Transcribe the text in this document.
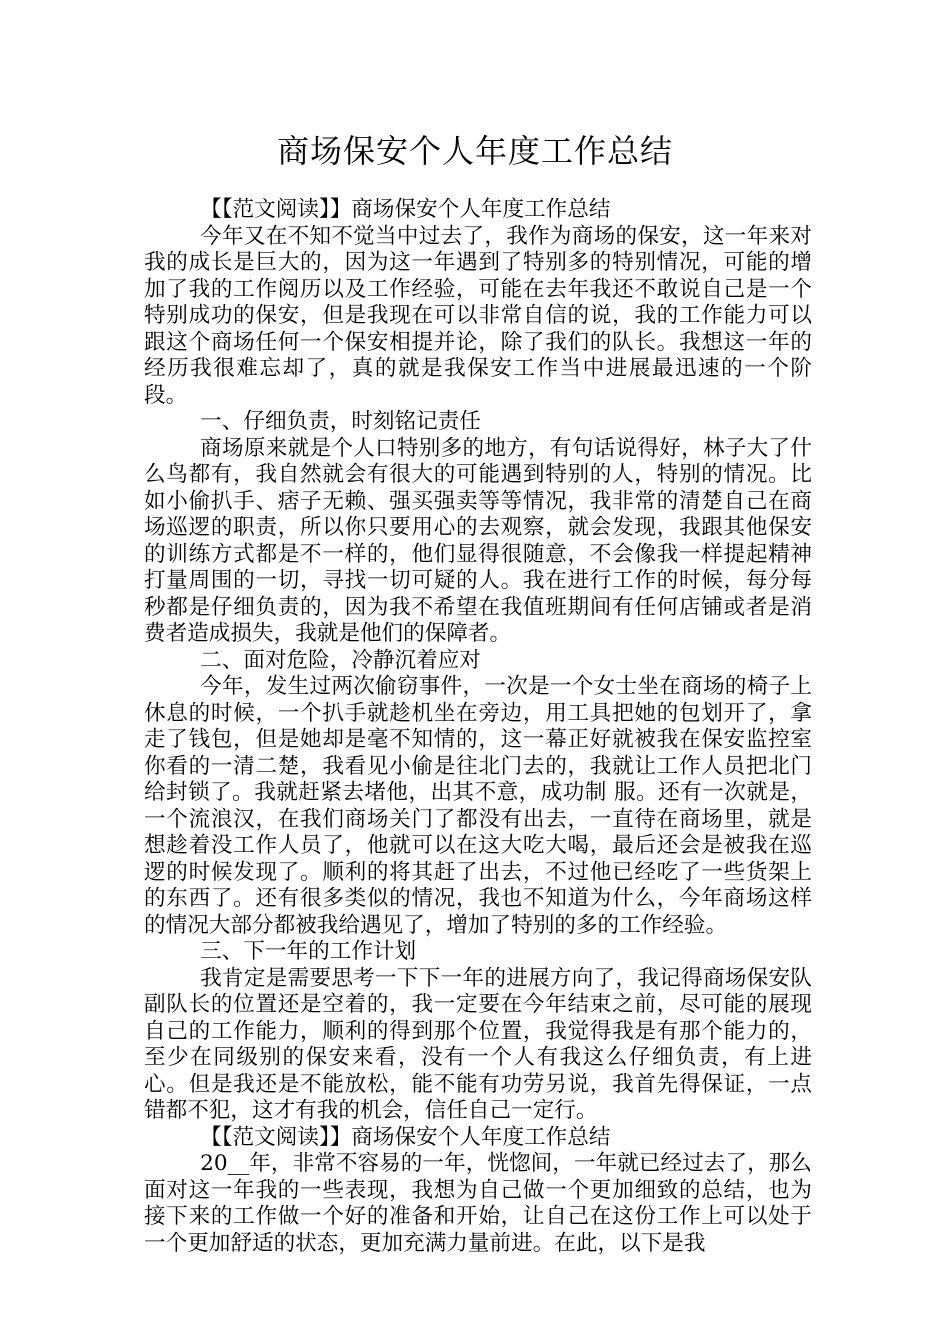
商场保安个人年度工作总结

【【范文阅读】】商场保安个人年度工作总结

今年又在不知不觉当中过去了，我作为商场的保安，这一年来对我的成长是巨大的，因为这一年遇到了特别多的特别情况，可能的增加了我的工作阅历以及工作经验，可能在去年我还不敢说自己是一个特别成功的保安，但是我现在可以非常自信的说，我的工作能力可以跟这个商场任何一个保安相提并论，除了我们的队长。我想这一年的经历我很难忘却了，真的就是我保安工作当中进展最迅速的一个阶段。

一、仔细负责，时刻铭记责任

商场原来就是个人口特别多的地方，有句话说得好，林子大了什么鸟都有，我自然就会有很大的可能遇到特别的人，特别的情况。比如小偷扒手、痞子无赖、强买强卖等等情况，我非常的清楚自己在商场巡逻的职责，所以你只要用心的去观察，就会发现，我跟其他保安的训练方式都是不一样的，他们显得很随意，不会像我一样提起精神打量周围的一切，寻找一切可疑的人。我在进行工作的时候，每分每秒都是仔细负责的，因为我不希望在我值班期间有任何店铺或者是消费者造成损失，我就是他们的保障者。

二、面对危险，冷静沉着应对

今年，发生过两次偷窃事件，一次是一个女士坐在商场的椅子上休息的时候，一个扒手就趁机坐在旁边，用工具把她的包划开了，拿走了钱包，但是她却是毫不知情的，这一幕正好就被我在保安监控室你看的一清二楚，我看见小偷是往北门去的，我就让工作人员把北门给封锁了。我就赶紧去堵他，出其不意，成功制 服。还有一次就是，一个流浪汉，在我们商场关门了都没有出去，一直待在商场里，就是想趁着没工作人员了，他就可以在这大吃大喝，最后还会是被我在巡逻的时候发现了。顺利的将其赶了出去，不过他已经吃了一些货架上的东西了。还有很多类似的情况，我也不知道为什么，今年商场这样的情况大部分都被我给遇见了，增加了特别的多的工作经验。

三、下一年的工作计划

我肯定是需要思考一下下一年的进展方向了，我记得商场保安队副队长的位置还是空着的，我一定要在今年结束之前，尽可能的展现自己的工作能力，顺利的得到那个位置，我觉得我是有那个能力的，至少在同级别的保安来看，没有一个人有我这么仔细负责，有上进心。但是我还是不能放松，能不能有功劳另说，我首先得保证，一点错都不犯，这才有我的机会，信任自己一定行。

【【范文阅读】】商场保安个人年度工作总结

20__年，非常不容易的一年，恍惚间，一年就已经过去了，那么面对这一年我的一些表现，我想为自己做一个更加细致的总结，也为接下来的工作做一个好的准备和开始，让自己在这份工作上可以处于一个更加舒适的状态，更加充满力量前进。在此，以下是我
